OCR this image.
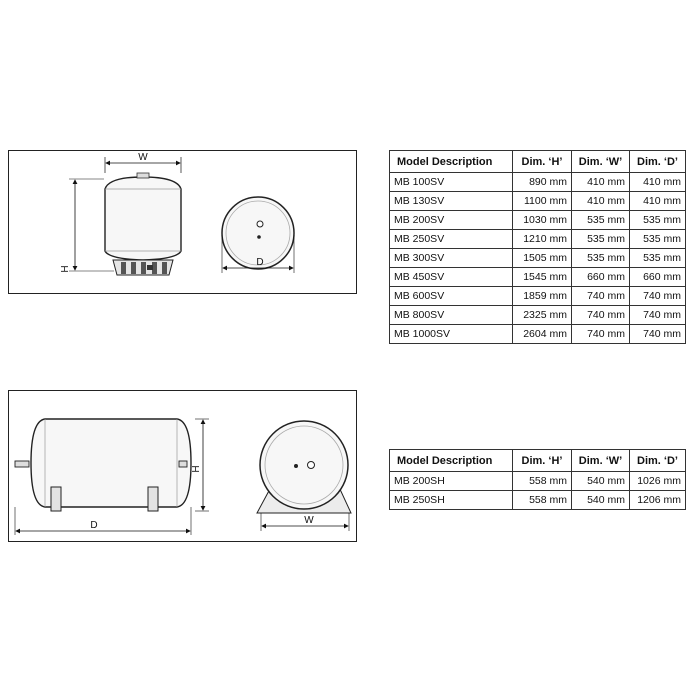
W
H
D
Model Description	Dim. ‘H’	Dim. ‘W’	Dim. ‘D’
MB 100SV	890 mm	410 mm	410 mm
MB 130SV	1100 mm	410 mm	410 mm
MB 200SV	1030 mm	535 mm	535 mm
MB 250SV	1210 mm	535 mm	535 mm
MB 300SV	1505 mm	535 mm	535 mm
MB 450SV	1545 mm	660 mm	660 mm
MB 600SV	1859 mm	740 mm	740 mm
MB 800SV	2325 mm	740 mm	740 mm
MB 1000SV	2604 mm	740 mm	740 mm
H
D	W
Model Description	Dim. ‘H’	Dim. ‘W’	Dim. ‘D’
MB 200SH	558 mm	540 mm	1026 mm
MB 250SH	558 mm	540 mm	1206 mm
